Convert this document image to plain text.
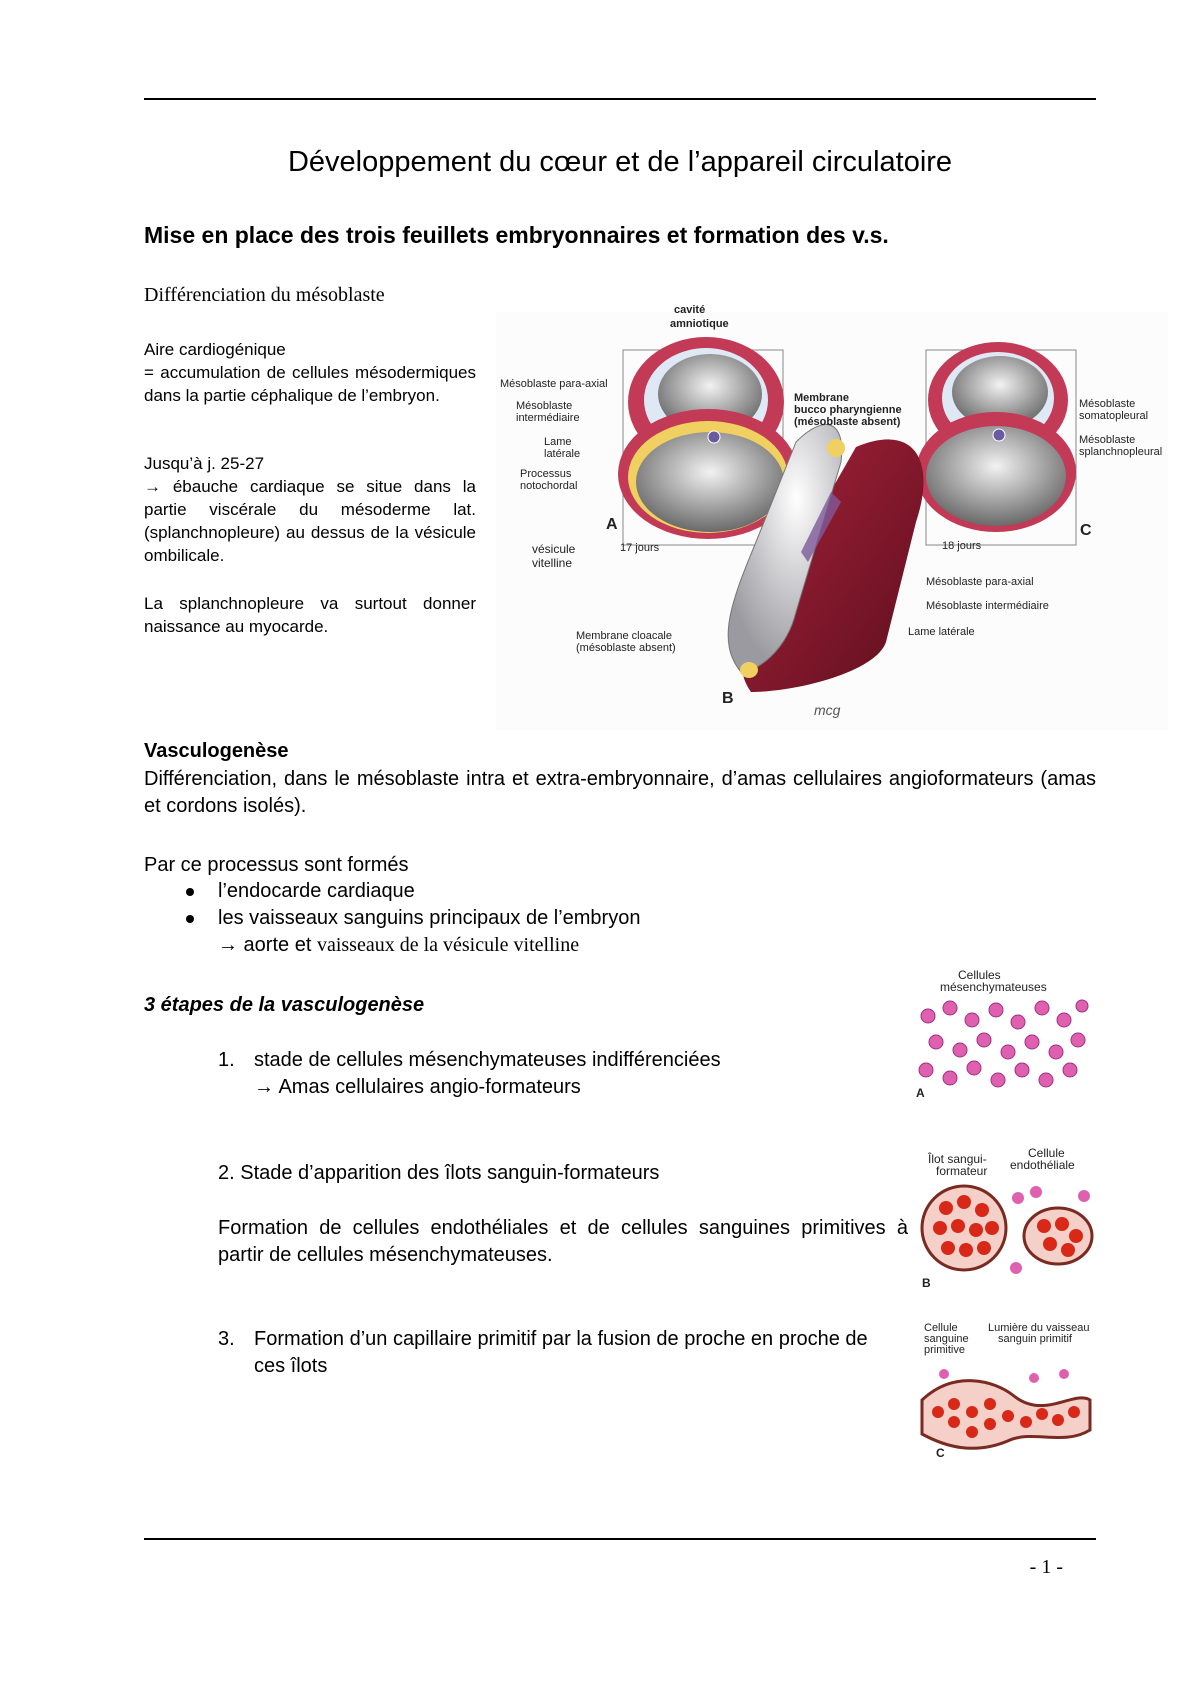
Développement du cœur et de l’appareil circulatoire
Mise en place des trois feuillets embryonnaires et formation des v.s.
Différenciation du mésoblaste
Aire cardiogénique
= accumulation de cellules mésodermiques dans la partie céphalique de l’embryon.
Jusqu’à j. 25-27
→ ébauche cardiaque se situe dans la partie viscérale du mésoderme lat. (splanchnopleure) au dessus de la vésicule ombilicale.
La splanchnopleure va surtout donner naissance au myocarde.
cavité
amniotique
Mésoblaste para-axial
Mésoblaste
intermédiaire
Lame
latérale
Processus
notochordal
vésicule
vitelline
A
17 jours
Membrane
bucco pharyngienne
(mésoblaste absent)
Mésoblaste
somatopleural
Mésoblaste
splanchnopleural
C
18 jours
Mésoblaste para-axial
Mésoblaste intermédiaire
Lame latérale
Membrane cloacale
(mésoblaste absent)
B
mcg
Vasculogenèse
Différenciation, dans le mésoblaste intra et extra-embryonnaire, d’amas cellulaires angioformateurs (amas et cordons isolés).
Par ce processus sont formés
l’endocarde cardiaque
les vaisseaux sanguins principaux de l’embryon
→ aorte et vaisseaux de la vésicule vitelline
3 étapes de la vasculogenèse
1. stade de cellules mésenchymateuses indifférenciées
→ Amas cellulaires angio-formateurs
2. Stade d’apparition des îlots sanguin-formateurs
Formation de cellules endothéliales et de cellules sanguines primitives à partir de cellules mésenchymateuses.
3. Formation d’un capillaire primitif par la fusion de proche en proche de ces îlots
Cellules
mésenchymateuses
A
Îlot sangui-
formateur
Cellule
endothéliale
B
Cellule
sanguine
primitive
Lumière du vaisseau
sanguin primitif
C
- 1 -
